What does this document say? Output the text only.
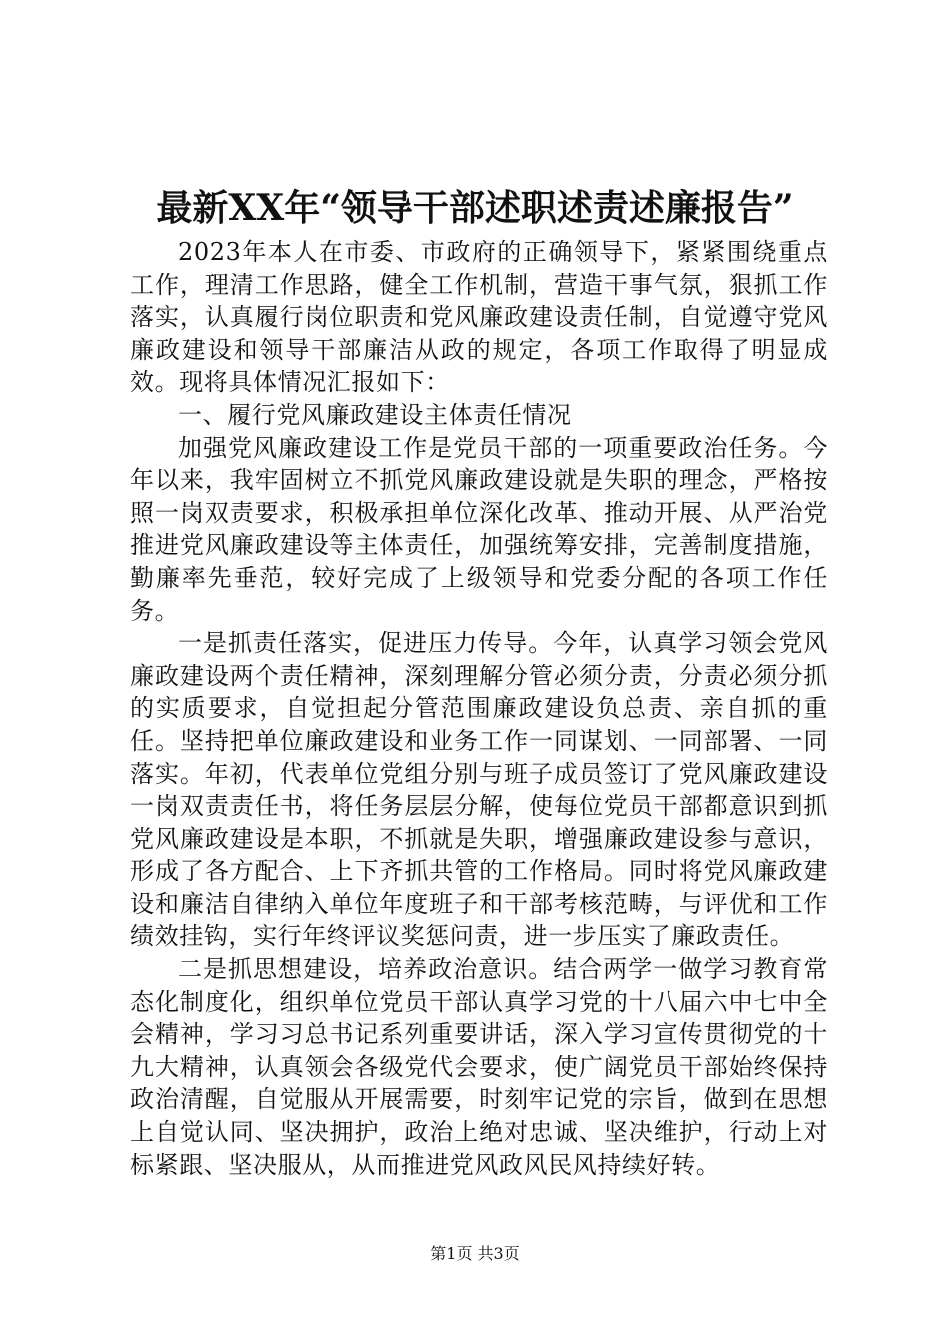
最新XX年“领导干部述职述责述廉报告”

2023年本人在市委、市政府的正确领导下，紧紧围绕重点工作，理清工作思路，健全工作机制，营造干事气氛，狠抓工作落实，认真履行岗位职责和党风廉政建设责任制，自觉遵守党风廉政建设和领导干部廉洁从政的规定，各项工作取得了明显成效。现将具体情况汇报如下：

一、履行党风廉政建设主体责任情况

加强党风廉政建设工作是党员干部的一项重要政治任务。今年以来，我牢固树立不抓党风廉政建设就是失职的理念，严格按照一岗双责要求，积极承担单位深化改革、推动开展、从严治党推进党风廉政建设等主体责任，加强统筹安排，完善制度措施，勤廉率先垂范，较好完成了上级领导和党委分配的各项工作任务。

一是抓责任落实，促进压力传导。今年，认真学习领会党风廉政建设两个责任精神，深刻理解分管必须分责，分责必须分抓的实质要求，自觉担起分管范围廉政建设负总责、亲自抓的重任。坚持把单位廉政建设和业务工作一同谋划、一同部署、一同落实。年初，代表单位党组分别与班子成员签订了党风廉政建设一岗双责责任书，将任务层层分解，使每位党员干部都意识到抓党风廉政建设是本职，不抓就是失职，增强廉政建设参与意识，形成了各方配合、上下齐抓共管的工作格局。同时将党风廉政建设和廉洁自律纳入单位年度班子和干部考核范畴，与评优和工作绩效挂钩，实行年终评议奖惩问责，进一步压实了廉政责任。

二是抓思想建设，培养政治意识。结合两学一做学习教育常态化制度化，组织单位党员干部认真学习党的十八届六中七中全会精神，学习习总书记系列重要讲话，深入学习宣传贯彻党的十九大精神，认真领会各级党代会要求，使广阔党员干部始终保持政治清醒，自觉服从开展需要，时刻牢记党的宗旨，做到在思想上自觉认同、坚决拥护，政治上绝对忠诚、坚决维护，行动上对标紧跟、坚决服从，从而推进党风政风民风持续好转。

第1页 共3页
